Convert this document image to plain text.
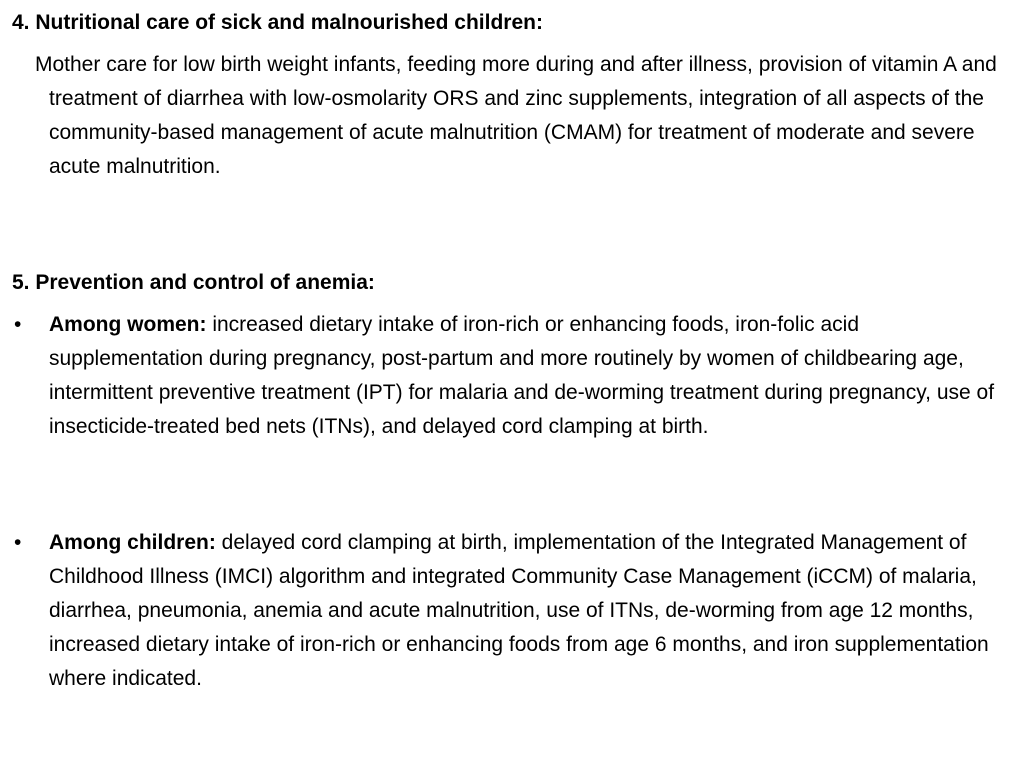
4. Nutritional care of sick and malnourished children:

Mother care for low birth weight infants, feeding more during and after illness, provision of vitamin A and treatment of diarrhea with low-osmolarity ORS and zinc supplements, integration of all aspects of the community-based management of acute malnutrition (CMAM) for treatment of moderate and severe acute malnutrition.

5. Prevention and control of anemia:
• Among women: increased dietary intake of iron-rich or enhancing foods, iron-folic acid supplementation during pregnancy, post-partum and more routinely by women of childbearing age, intermittent preventive treatment (IPT) for malaria and de-worming treatment during pregnancy, use of insecticide-treated bed nets (ITNs), and delayed cord clamping at birth.

• Among children: delayed cord clamping at birth, implementation of the Integrated Management of Childhood Illness (IMCI) algorithm and integrated Community Case Management (iCCM) of malaria, diarrhea, pneumonia, anemia and acute malnutrition, use of ITNs, de-worming from age 12 months, increased dietary intake of iron-rich or enhancing foods from age 6 months, and iron supplementation where indicated.
